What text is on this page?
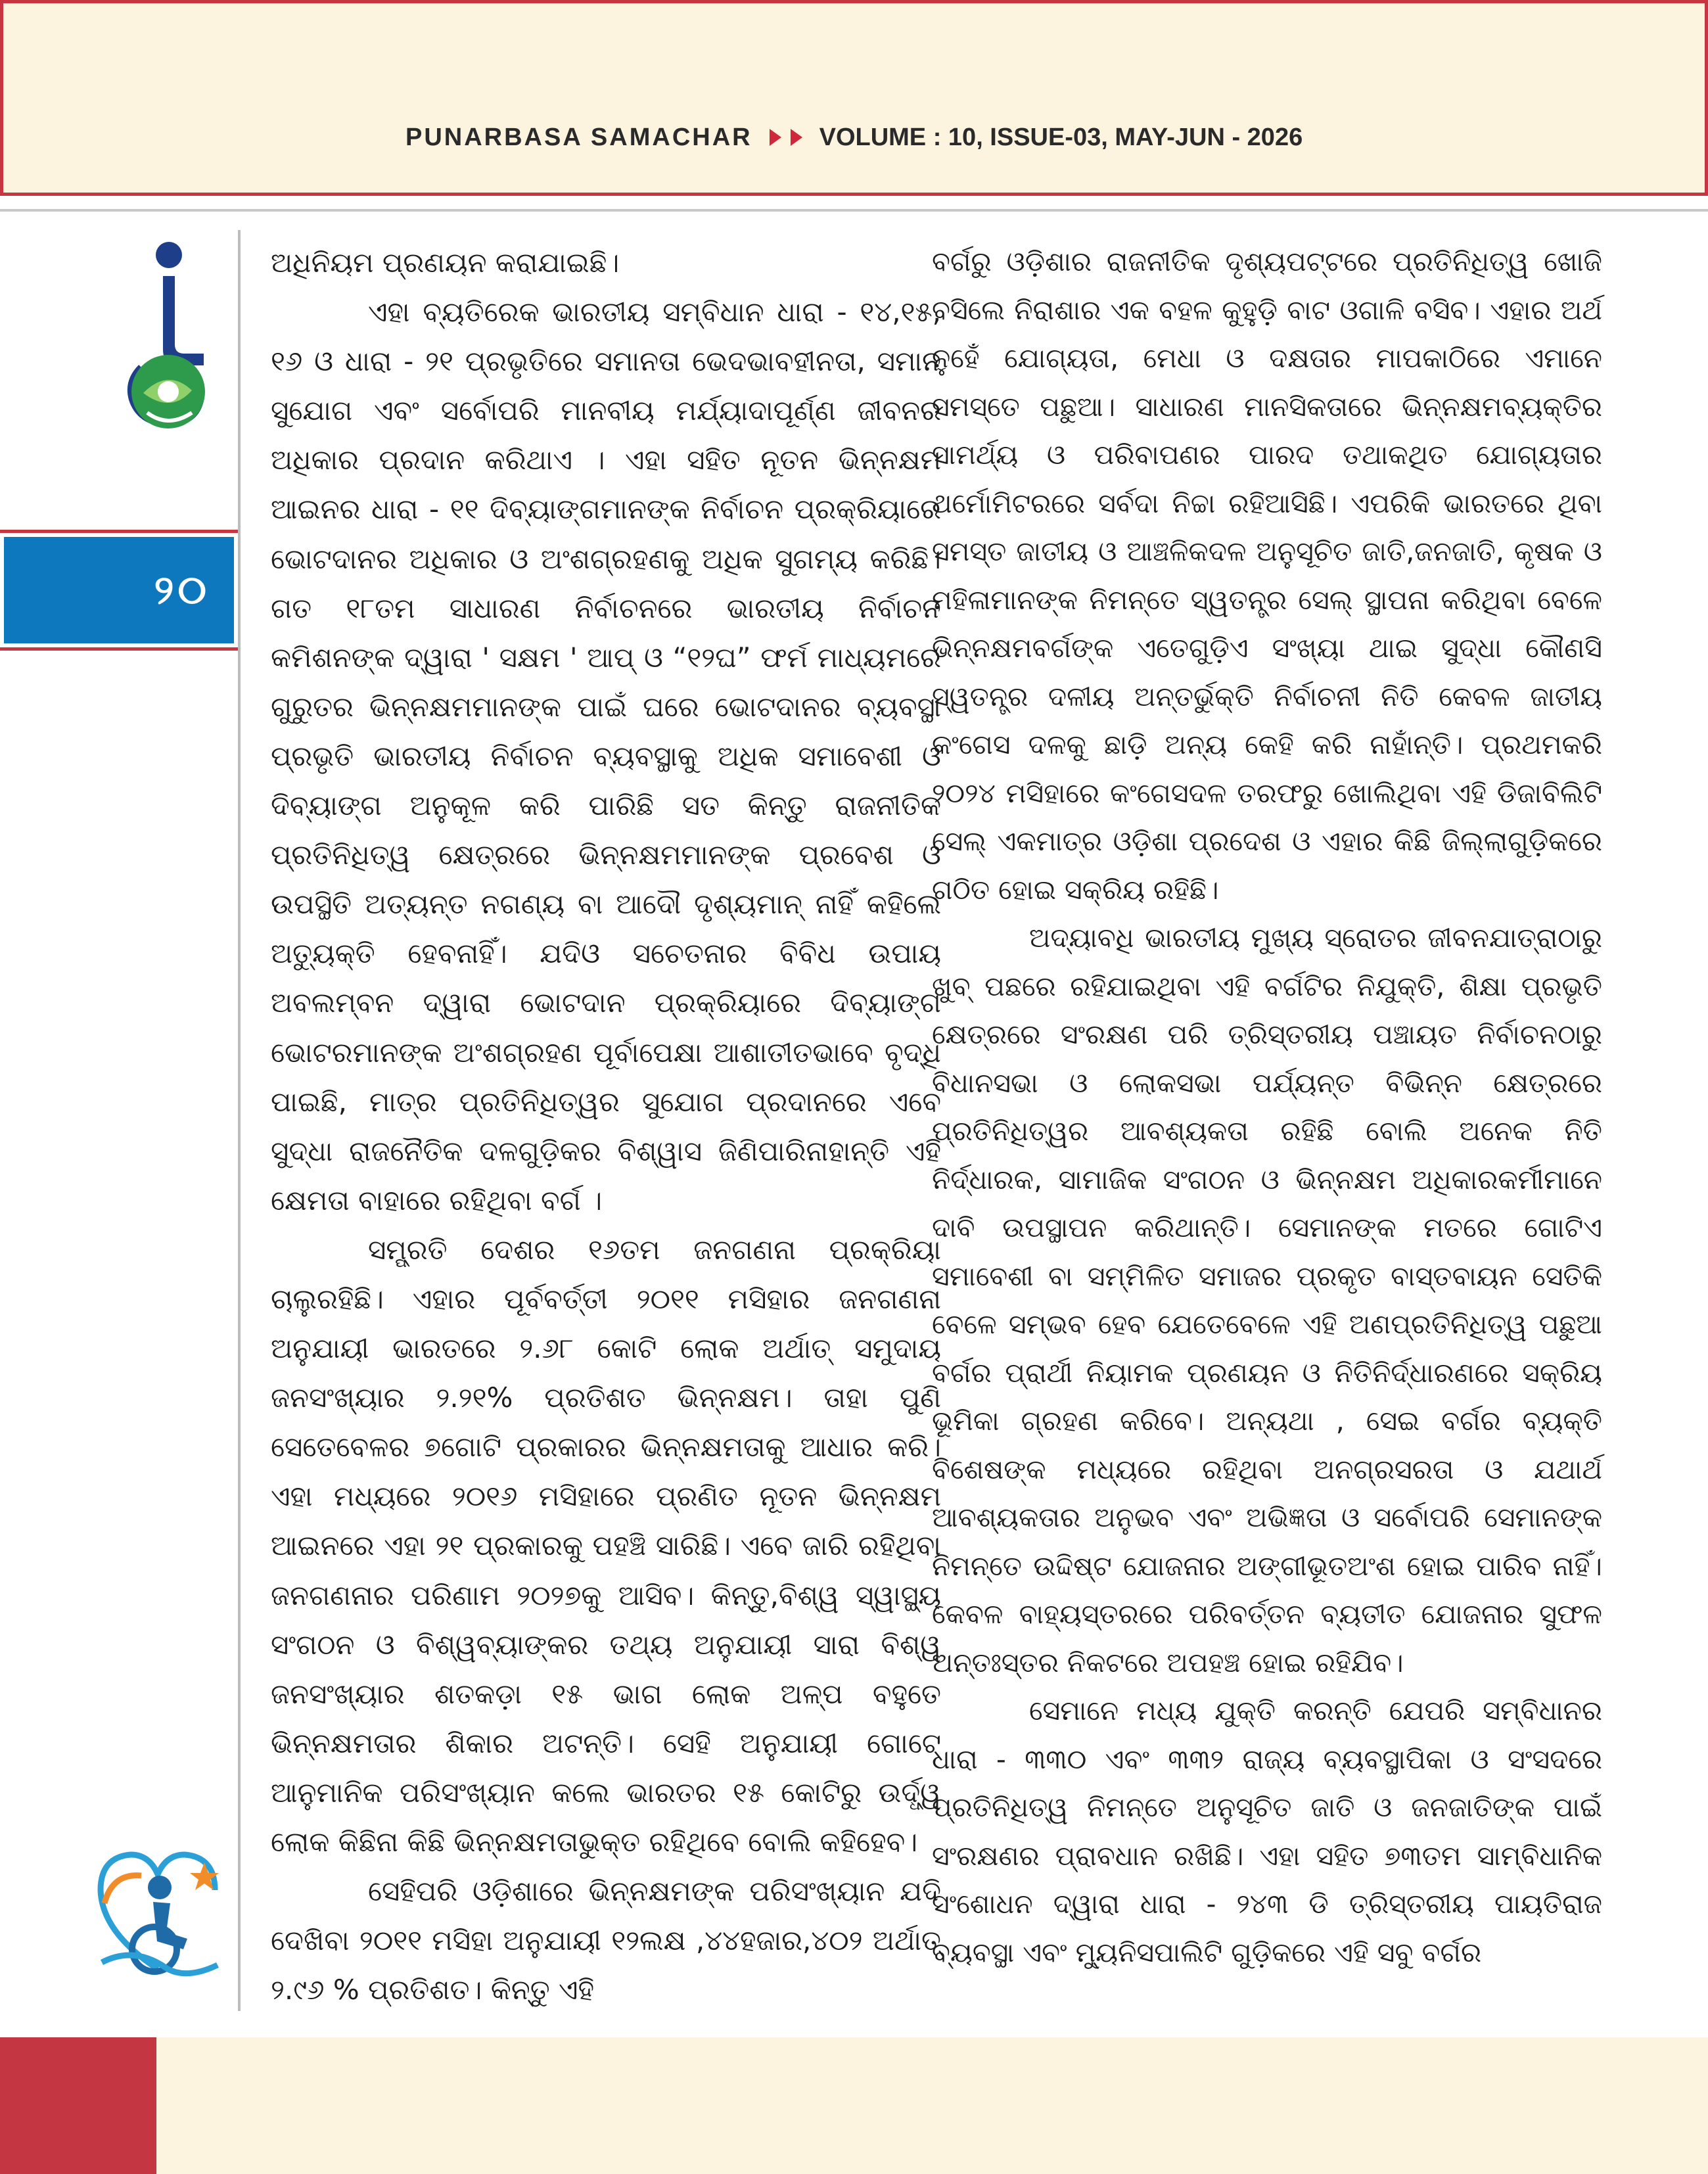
PUNARBASA SAMACHAR	VOLUME : 10, ISSUE-03, MAY-JUN - 2026
୨୦

ଅଧିନିୟମ ପ୍ରଣୟନ କରାଯାଇଛି।

ଏହା ବ୍ୟତିରେକ ଭାରତୀୟ ସମ୍ବିଧାନ ଧାରା - ୧୪,୧୫, ୧୬ ଓ ଧାରା - ୨୧ ପ୍ରଭୃତିରେ ସମାନତା ଭେଦଭାବହୀନତା, ସମାନ ସୁଯୋଗ ଏବଂ ସର୍ବୋପରି ମାନବୀୟ ମର୍ଯ୍ୟାଦାପୂର୍ଣ୍ଣ ଜୀବନର ଅଧିକାର ପ୍ରଦାନ କରିଥାଏ । ଏହା ସହିତ ନୂତନ ଭିନ୍ନକ୍ଷମ ଆଇନର ଧାରା - ୧୧ ଦିବ୍ୟାଙ୍ଗମାନଙ୍କ ନିର୍ବାଚନ ପ୍ରକ୍ରିୟାରେ ଭୋଟଦାନର ଅଧିକାର ଓ ଅଂଶଗ୍ରହଣକୁ ଅଧିକ ସୁଗମ୍ୟ କରିଛି। ଗତ ୧୮ତମ ସାଧାରଣ ନିର୍ବାଚନରେ ଭାରତୀୟ ନିର୍ବାଚନ କମିଶନଙ୍କ ଦ୍ୱାରା ' ସକ୍ଷମ ' ଆପ୍ ଓ “୧୨ଘ” ଫର୍ମ ମାଧ୍ୟମରେ ଗୁରୁତର ଭିନ୍ନକ୍ଷମମାନଙ୍କ ପାଇଁ ଘରେ ଭୋଟଦାନର ବ୍ୟବସ୍ଥା ପ୍ରଭୃତି ଭାରତୀୟ ନିର୍ବାଚନ ବ୍ୟବସ୍ଥାକୁ ଅଧିକ ସମାବେଶୀ ଓ ଦିବ୍ୟାଙ୍ଗ ଅନୁକୂଳ କରି ପାରିଛି ସତ କିନ୍ତୁ ରାଜନୀତିକ ପ୍ରତିନିଧିତ୍ୱ କ୍ଷେତ୍ରରେ ଭିନ୍ନକ୍ଷମମାନଙ୍କ ପ୍ରବେଶ ଓ ଉପସ୍ଥିତି ଅତ୍ୟନ୍ତ ନଗଣ୍ୟ ବା ଆଦୌ ଦୃଶ୍ୟମାନ୍ ନାହିଁ କହିଲେ ଅତ୍ୟୁକ୍ତି ହେବନାହିଁ। ଯଦିଓ ସଚେତନାର ବିବିଧ ଉପାୟ ଅବଲମ୍ବନ ଦ୍ୱାରା ଭୋଟଦାନ ପ୍ରକ୍ରିୟାରେ ଦିବ୍ୟାଙ୍ଗ ଭୋଟରମାନଙ୍କ ଅଂଶଗ୍ରହଣ ପୂର୍ବାପେକ୍ଷା ଆଶାତୀତଭାବେ ବୃଦ୍ଧି ପାଇଛି, ମାତ୍ର ପ୍ରତିନିଧିତ୍ୱର ସୁଯୋଗ ପ୍ରଦାନରେ ଏବେ ସୁଦ୍ଧା ରାଜନୈତିକ ଦଳଗୁଡ଼ିକର ବିଶ୍ୱାସ ଜିଣିପାରିନାହାନ୍ତି ଏହି କ୍ଷେମତା ବାହାରେ ରହିଥିବା ବର୍ଗ ।

ସମ୍ପ୍ରତି ଦେଶର ୧୬ତମ ଜନଗଣନା ପ୍ରକ୍ରିୟା ଚାଲୁରହିଛି। ଏହାର ପୂର୍ବବର୍ତ୍ତୀ ୨୦୧୧ ମସିହାର ଜନଗଣନା ଅନୁଯାୟୀ ଭାରତରେ ୨.୬୮ କୋଟି ଲୋକ ଅର୍ଥାତ୍ ସମୁଦାୟ ଜନସଂଖ୍ୟାର ୨.୨୧% ପ୍ରତିଶତ ଭିନ୍ନକ୍ଷମ। ତାହା ପୁଣି ସେତେବେଳର ୭ଗୋଟି ପ୍ରକାରର ଭିନ୍ନକ୍ଷମତାକୁ ଆଧାର କରି। ଏହା ମଧ୍ୟରେ ୨୦୧୬ ମସିହାରେ ପ୍ରଣିତ ନୂତନ ଭିନ୍ନକ୍ଷମ ଆଇନରେ ଏହା ୨୧ ପ୍ରକାରକୁ ପହଞ୍ଚି ସାରିଛି। ଏବେ ଜାରି ରହିଥିବା ଜନଗଣନାର ପରିଣାମ ୨୦୨୭କୁ ଆସିବ। କିନ୍ତୁ,ବିଶ୍ୱ ସ୍ୱାସ୍ଥ୍ୟ ସଂଗଠନ ଓ ବିଶ୍ୱବ୍ୟାଙ୍କର ତଥ୍ୟ ଅନୁଯାୟୀ ସାରା ବିଶ୍ୱ ଜନସଂଖ୍ୟାର ଶତକଡ଼ା ୧୫ ଭାଗ ଲୋକ ଅଳ୍ପ ବହୁତେ ଭିନ୍ନକ୍ଷମତାର ଶିକାର ଅଟନ୍ତି। ସେହି ଅନୁଯାୟୀ ଗୋଟେ ଆନୁମାନିକ ପରିସଂଖ୍ୟାନ କଲେ ଭାରତର ୧୫ କୋଟିରୁ ଉର୍ଦ୍ଧ୍ୱ ଲୋକ କିଛିନା କିଛି ଭିନ୍ନକ୍ଷମତାଭୁକ୍ତ ରହିଥିବେ ବୋଲି କହିହେବ।

ସେହିପରି ଓଡ଼ିଶାରେ ଭିନ୍ନକ୍ଷମଙ୍କ ପରିସଂଖ୍ୟାନ ଯଦି ଦେଖିବା ୨୦୧୧ ମସିହା ଅନୁଯାୟୀ ୧୨ଲକ୍ଷ ,୪୪ହଜାର,୪୦୨ ଅର୍ଥାତ୍ ୨.୯୬ % ପ୍ରତିଶତ। କିନ୍ତୁ ଏହି

ବର୍ଗରୁ ଓଡ଼ିଶାର ରାଜନୀତିକ ଦୃଶ୍ୟପଟ୍ଟରେ ପ୍ରତିନିଧିତ୍ୱ ଖୋଜି ବସିଲେ ନିରାଶାର ଏକ ବହଳ କୁହୁଡ଼ି ବାଟ ଓଗାଳି ବସିବ। ଏହାର ଅର୍ଥ ନୁହେଁ ଯୋଗ୍ୟତା, ମେଧା ଓ ଦକ୍ଷତାର ମାପକାଠିରେ ଏମାନେ ସମସ୍ତେ ପଛୁଆ। ସାଧାରଣ ମାନସିକତାରେ ଭିନ୍ନକ୍ଷମବ୍ୟକ୍ତିର ସାମର୍ଥ୍ୟ ଓ ପରିବାପଣର ପାରଦ ତଥାକଥିତ ଯୋଗ୍ୟତାର ଥର୍ମୋମିଟରରେ ସର୍ବଦା ନିଚ୍ଚା ରହିଆସିଛି। ଏପରିକି ଭାରତରେ ଥିବା ସମସ୍ତ ଜାତୀୟ ଓ ଆଞ୍ଚଳିକଦଳ ଅନୁସୂଚିତ ଜାତି,ଜନଜାତି, କୃଷକ ଓ ମହିଳାମାନଙ୍କ ନିମନ୍ତେ ସ୍ୱତନ୍ତ୍ର ସେଲ୍ ସ୍ଥାପନା କରିଥିବା ବେଳେ ଭିନ୍ନକ୍ଷମବର୍ଗଙ୍କ ଏତେଗୁଡ଼ିଏ ସଂଖ୍ୟା ଥାଇ ସୁଦ୍ଧା କୌଣସି ସ୍ୱତନ୍ତ୍ର ଦଳୀୟ ଅନ୍ତର୍ଭୁକ୍ତି ନିର୍ବାଚନୀ ନିତି କେବଳ ଜାତୀୟ କଂଗେସ ଦଳକୁ ଛାଡ଼ି ଅନ୍ୟ କେହି କରି ନାହାଁନ୍ତି। ପ୍ରଥମକରି ୨୦୨୪ ମସିହାରେ କଂଗେସଦଳ ତରଫରୁ ଖୋଲିଥିବା ଏହି ଡିଜାବିଲିଟି ସେଲ୍ ଏକମାତ୍ର ଓଡ଼ିଶା ପ୍ରଦେଶ ଓ ଏହାର କିଛି ଜିଲ୍ଲାଗୁଡ଼ିକରେ ଗଠିତ ହୋଇ ସକ୍ରିୟ ରହିଛି।

ଅଦ୍ୟାବଧି ଭାରତୀୟ ମୁଖ୍ୟ ସ୍ରୋତର ଜୀବନଯାତ୍ରାଠାରୁ ଖୁବ୍ ପଛରେ ରହିଯାଇଥିବା ଏହି ବର୍ଗଟିର ନିଯୁକ୍ତି, ଶିକ୍ଷା ପ୍ରଭୃତି କ୍ଷେତ୍ରରେ ସଂରକ୍ଷଣ ପରି ତ୍ରିସ୍ତରୀୟ ପଞ୍ଚାୟତ ନିର୍ବାଚନଠାରୁ ବିଧାନସଭା ଓ ଲୋକସଭା ପର୍ଯ୍ୟନ୍ତ ବିଭିନ୍ନ କ୍ଷେତ୍ରରେ ପ୍ରତିନିଧିତ୍ୱର ଆବଶ୍ୟକତା ରହିଛି ବୋଲି ଅନେକ ନିତି ନିର୍ଦ୍ଧାରକ, ସାମାଜିକ ସଂଗଠନ ଓ ଭିନ୍ନକ୍ଷମ ଅଧିକାରକର୍ମୀମାନେ ଦାବି ଉପସ୍ଥାପନ କରିଥାନ୍ତି। ସେମାନଙ୍କ ମତରେ ଗୋଟିଏ ସମାବେଶୀ ବା ସମ୍ମିଳିତ ସମାଜର ପ୍ରକୃତ ବାସ୍ତବାୟନ ସେତିକି ବେଳେ ସମ୍ଭବ ହେବ ଯେତେବେଳେ ଏହି ଅଣପ୍ରତିନିଧିତ୍ୱ ପଛୁଆ ବର୍ଗର ପ୍ରାର୍ଥୀ ନିୟାମକ ପ୍ରଣୟନ ଓ ନିତିନିର୍ଦ୍ଧାରଣରେ ସକ୍ରିୟ ଭୂମିକା ଗ୍ରହଣ କରିବେ। ଅନ୍ୟଥା , ସେଇ ବର୍ଗର ବ୍ୟକ୍ତି ବିଶେଷଙ୍କ ମଧ୍ୟରେ ରହିଥିବା ଅନଗ୍ରସରତା ଓ ଯଥାର୍ଥ ଆବଶ୍ୟକତାର ଅନୁଭବ ଏବଂ ଅଭିଜ୍ଞତା ଓ ସର୍ବୋପରି ସେମାନଙ୍କ ନିମନ୍ତେ ଉଦ୍ଦିଷ୍ଟ ଯୋଜନାର ଅଙ୍ଗୀଭୂତଅଂଶ ହୋଇ ପାରିବ ନାହିଁ। କେବଳ ବାହ୍ୟସ୍ତରରେ ପରିବର୍ତ୍ତନ ବ୍ୟତୀତ ଯୋଜନାର ସୁଫଳ ଅନ୍ତଃସ୍ତର ନିକଟରେ ଅପହଞ୍ଚ ହୋଇ ରହିଯିବ।

ସେମାନେ ମଧ୍ୟ ଯୁକ୍ତି କରନ୍ତି ଯେପରି ସମ୍ବିଧାନର ଧାରା - ୩୩୦ ଏବଂ ୩୩୨ ରାଜ୍ୟ ବ୍ୟବସ୍ଥାପିକା ଓ ସଂସଦରେ ପ୍ରତିନିଧିତ୍ୱ ନିମନ୍ତେ ଅନୁସୂଚିତ ଜାତି ଓ ଜନଜାତିଙ୍କ ପାଇଁ ସଂରକ୍ଷଣର ପ୍ରାବଧାନ ରଖିଛି। ଏହା ସହିତ ୭୩ତମ ସାମ୍ବିଧାନିକ ସଂଶୋଧନ ଦ୍ୱାରା ଧାରା - ୨୪୩ ଡି ତ୍ରିସ୍ତରୀୟ ପାୟତିରାଜ ବ୍ୟବସ୍ଥା ଏବଂ ମ୍ୟୁନିସପାଲିଟି ଗୁଡ଼ିକରେ ଏହି ସବୁ ବର୍ଗର
